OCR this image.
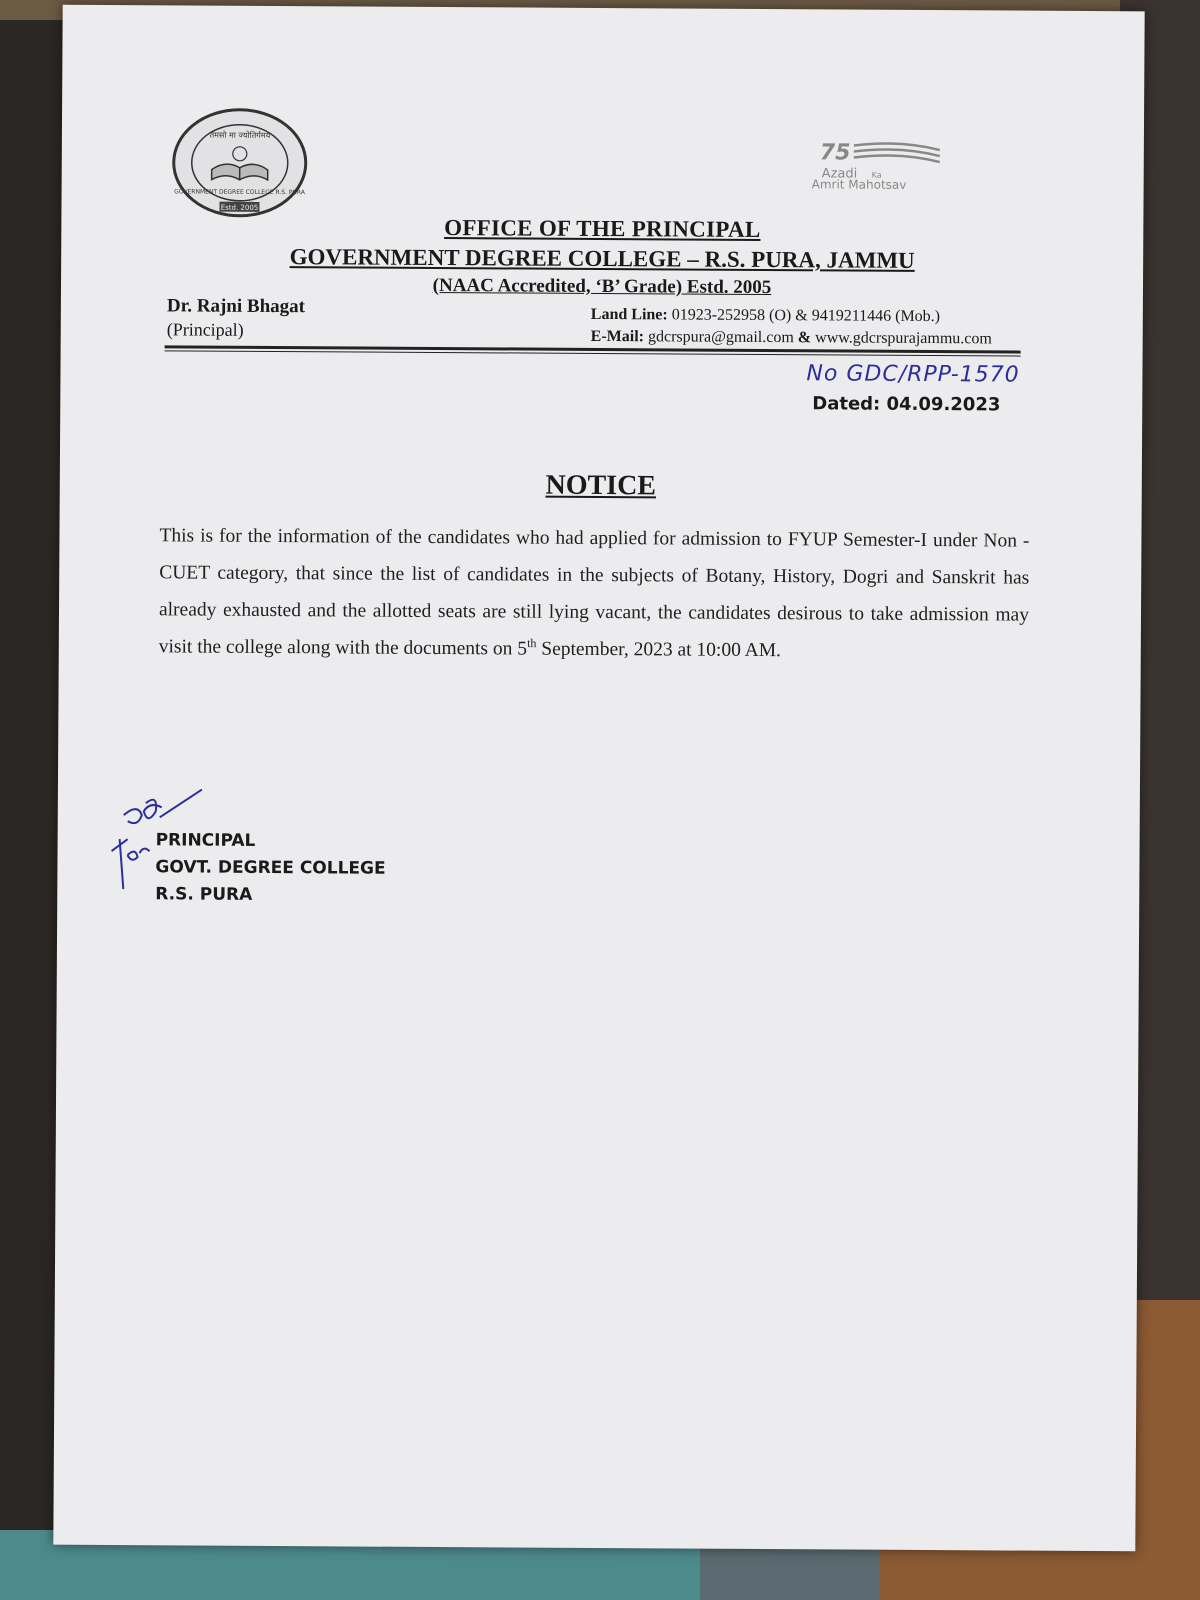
तमसो मा ज्योतिर्गमय
GOVERNMENT DEGREE COLLEGE R.S. PURA
Estd. 2005
75
Azadi Ka
Amrit Mahotsav
OFFICE OF THE PRINCIPAL
GOVERNMENT DEGREE COLLEGE – R.S. PURA, JAMMU
(NAAC Accredited, ‘B’ Grade) Estd. 2005
Dr. Rajni Bhagat
(Principal)
Land Line: 01923-252958 (O) & 9419211446 (Mob.)
E-Mail: gdcrspura@gmail.com & www.gdcrspurajammu.com
No GDC/RPP-1570
Dated: 04.09.2023
NOTICE
This is for the information of the candidates who had applied for admission to FYUP Semester-I under Non -CUET category, that since the list of candidates in the subjects of Botany, History, Dogri and Sanskrit has already exhausted and the allotted seats are still lying vacant, the candidates desirous to take admission may visit the college along with the documents on 5th September, 2023 at 10:00 AM.
PRINCIPAL
GOVT. DEGREE COLLEGE
R.S. PURA
